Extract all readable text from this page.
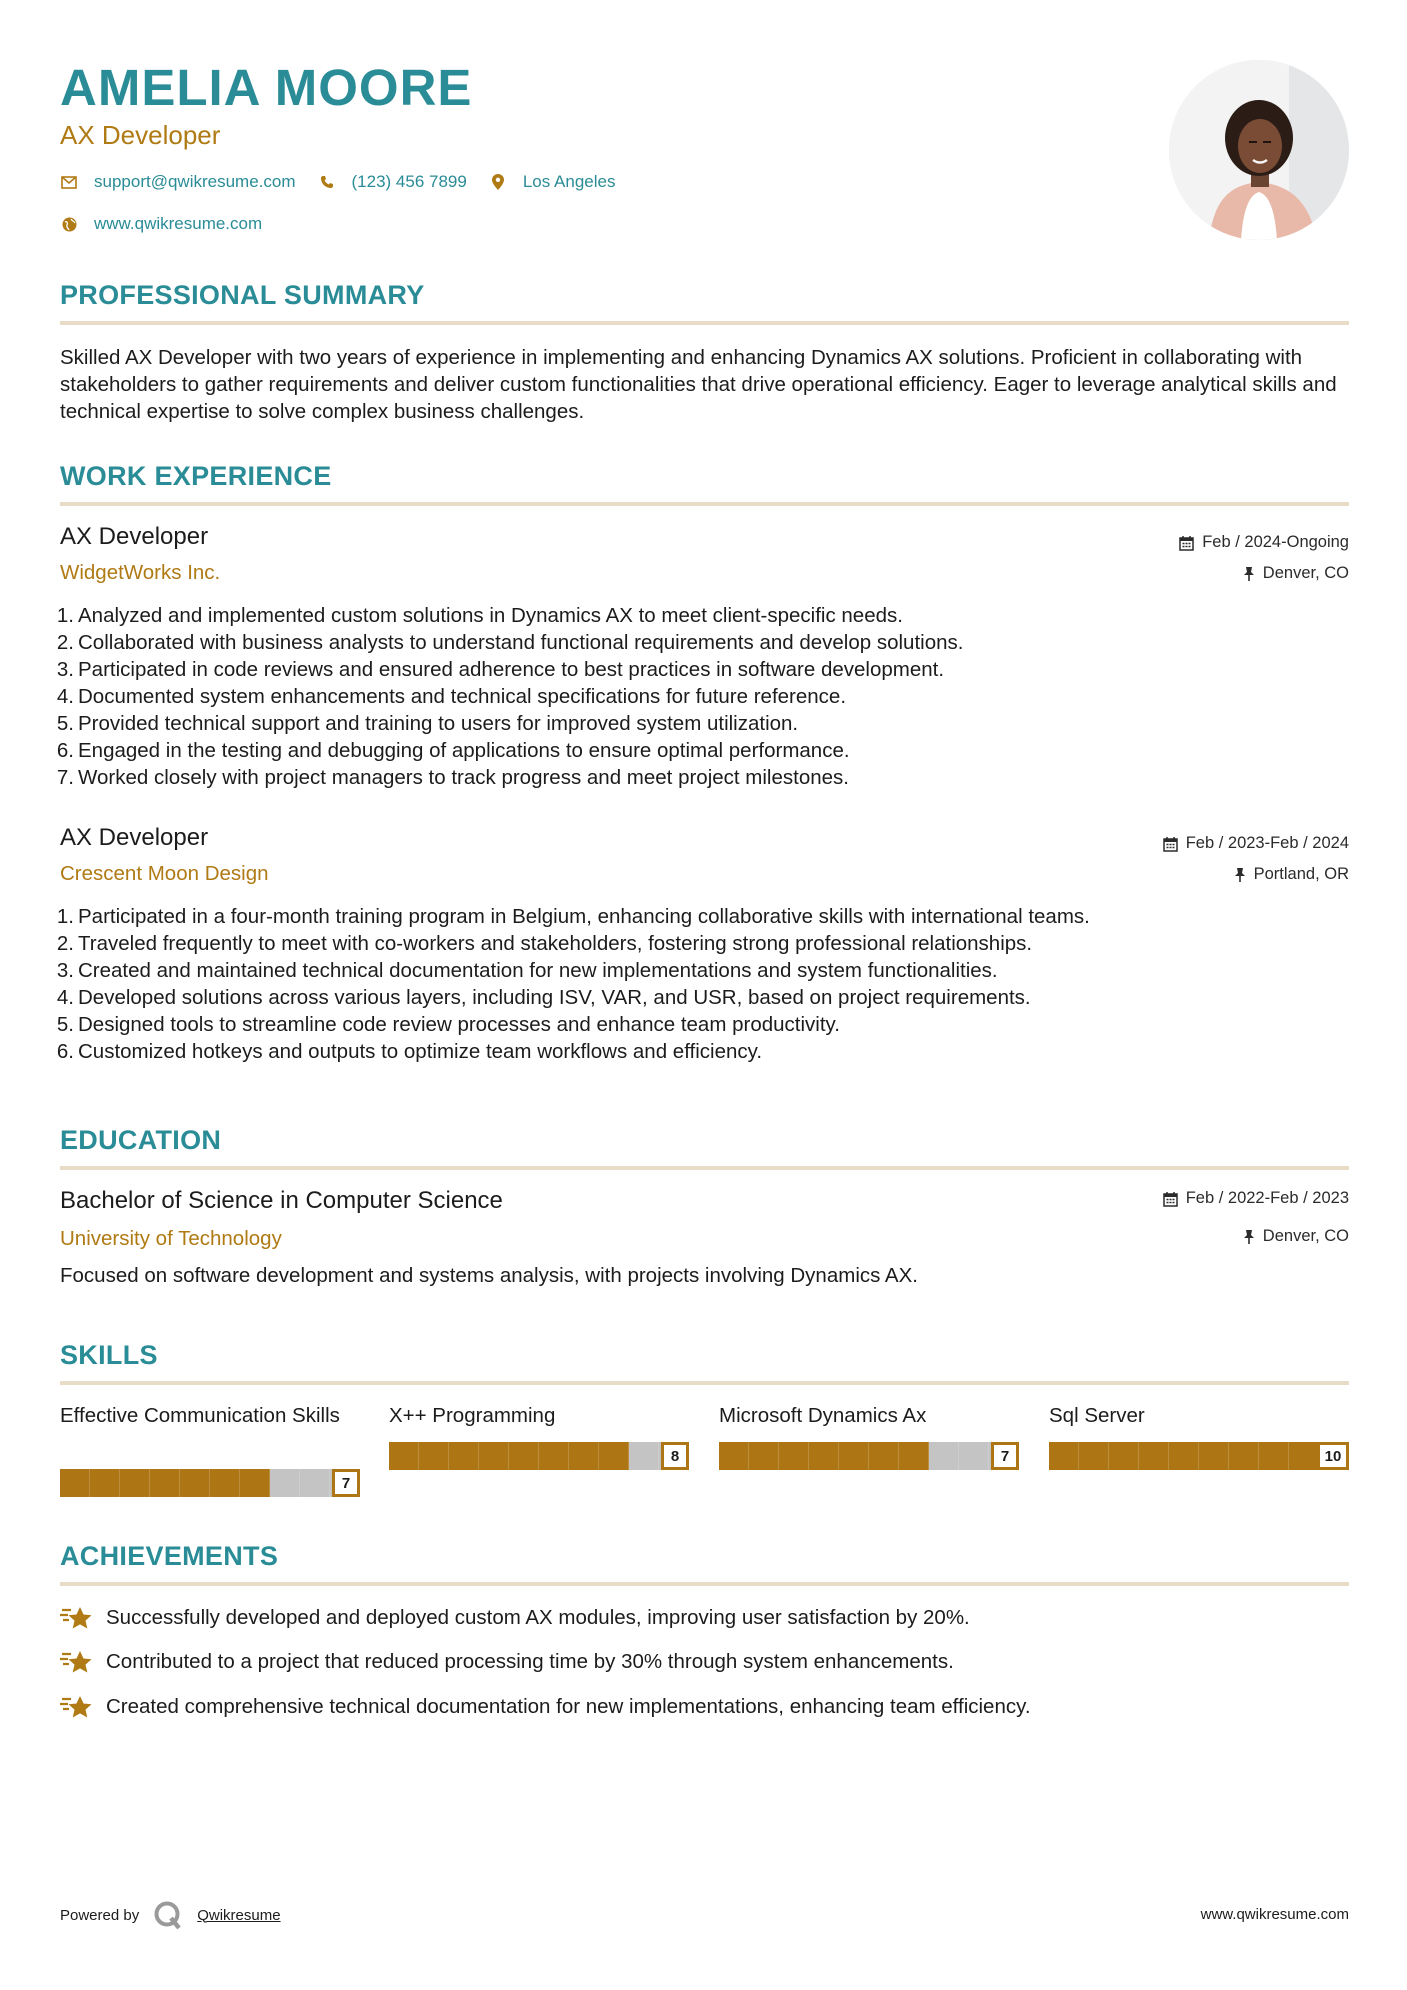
AMELIA MOORE
AX Developer
support@qwikresume.com	(123) 456 7899	Los Angeles
www.qwikresume.com
PROFESSIONAL SUMMARY
Skilled AX Developer with two years of experience in implementing and enhancing Dynamics AX solutions. Proficient in collaborating with stakeholders to gather requirements and deliver custom functionalities that drive operational efficiency. Eager to leverage analytical skills and technical expertise to solve complex business challenges.
WORK EXPERIENCE
AX Developer
WidgetWorks Inc.
Feb / 2024-Ongoing
Denver, CO
1. Analyzed and implemented custom solutions in Dynamics AX to meet client-specific needs.
2. Collaborated with business analysts to understand functional requirements and develop solutions.
3. Participated in code reviews and ensured adherence to best practices in software development.
4. Documented system enhancements and technical specifications for future reference.
5. Provided technical support and training to users for improved system utilization.
6. Engaged in the testing and debugging of applications to ensure optimal performance.
7. Worked closely with project managers to track progress and meet project milestones.
AX Developer
Crescent Moon Design
Feb / 2023-Feb / 2024
Portland, OR
1. Participated in a four-month training program in Belgium, enhancing collaborative skills with international teams.
2. Traveled frequently to meet with co-workers and stakeholders, fostering strong professional relationships.
3. Created and maintained technical documentation for new implementations and system functionalities.
4. Developed solutions across various layers, including ISV, VAR, and USR, based on project requirements.
5. Designed tools to streamline code review processes and enhance team productivity.
6. Customized hotkeys and outputs to optimize team workflows and efficiency.
EDUCATION
Bachelor of Science in Computer Science
University of Technology
Feb / 2022-Feb / 2023
Denver, CO
Focused on software development and systems analysis, with projects involving Dynamics AX.
SKILLS
Effective Communication Skills
7
X++ Programming
8
Microsoft Dynamics Ax
7
Sql Server
10
ACHIEVEMENTS
Successfully developed and deployed custom AX modules, improving user satisfaction by 20%.
Contributed to a project that reduced processing time by 30% through system enhancements.
Created comprehensive technical documentation for new implementations, enhancing team efficiency.
Powered by	Qwikresume	www.qwikresume.com
